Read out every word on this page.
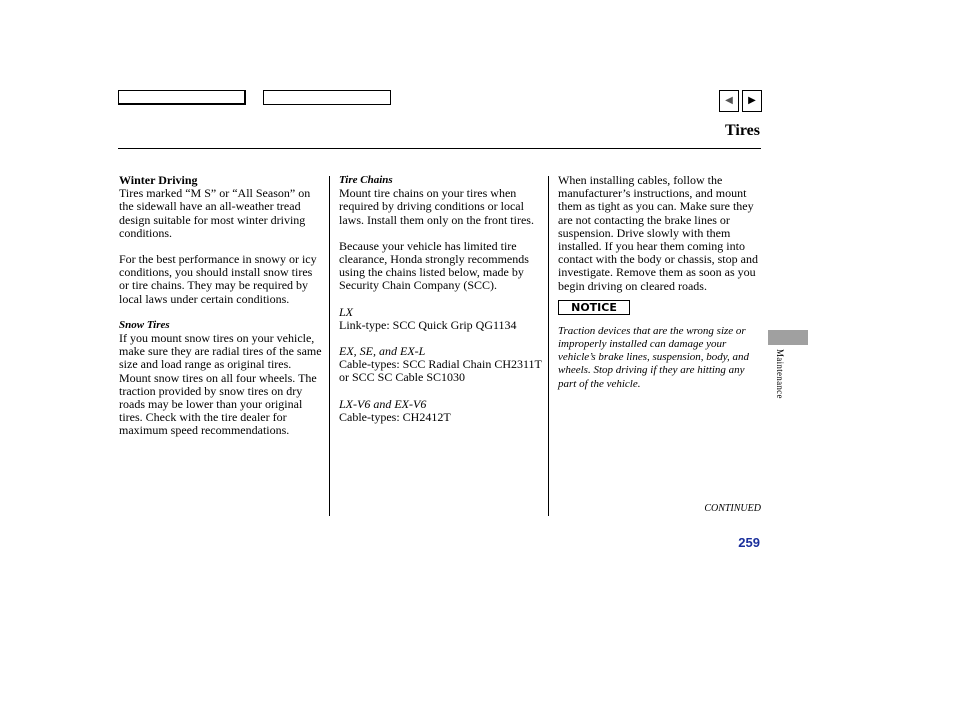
◀	▶
Tires

Winter Driving

Tires marked “M S” or “All Season” on the sidewall have an all-weather tread design suitable for most winter driving conditions.

For the best performance in snowy or icy conditions, you should install snow tires or tire chains. They may be required by local laws under certain conditions.

Snow Tires

If you mount snow tires on your vehicle, make sure they are radial tires of the same size and load range as original tires. Mount snow tires on all four wheels. The traction provided by snow tires on dry roads may be lower than your original tires. Check with the tire dealer for maximum speed recommendations.

Tire Chains

Mount tire chains on your tires when required by driving conditions or local laws. Install them only on the front tires.

Because your vehicle has limited tire clearance, Honda strongly recommends using the chains listed below, made by Security Chain Company (SCC).

LX

Link-type: SCC Quick Grip QG1134

EX, SE, and EX-L

Cable-types: SCC Radial Chain CH2311T or SCC SC Cable SC1030

LX-V6 and EX-V6

Cable-types: CH2412T

When installing cables, follow the manufacturer’s instructions, and mount them as tight as you can. Make sure they are not contacting the brake lines or suspension. Drive slowly with them installed. If you hear them coming into contact with the body or chassis, stop and investigate. Remove them as soon as you begin driving on cleared roads.

NOTICE

Traction devices that are the wrong size or improperly installed can damage your vehicle’s brake lines, suspension, body, and wheels. Stop driving if they are hitting any part of the vehicle.	Maintenance
CONTINUED
259
